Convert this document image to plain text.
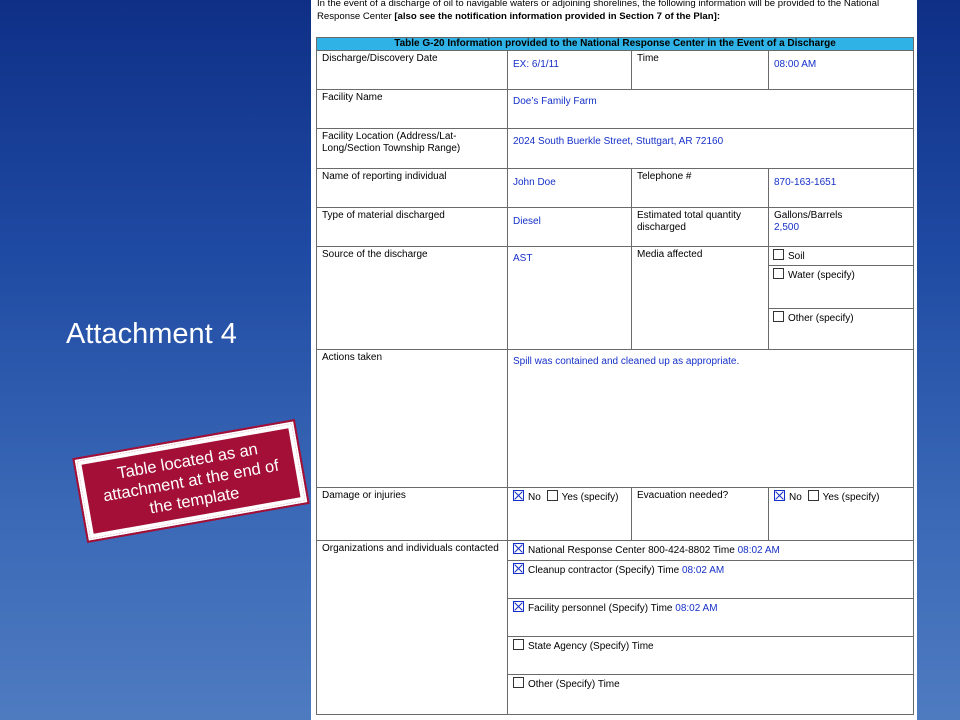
Attachment 4
Table located as an attachment at the end of the template
In the event of a discharge of oil to navigable waters or adjoining shorelines, the following information will be provided to the National Response Center [also see the notification information provided in Section 7 of the Plan]:
Table G-20 Information provided to the National Response Center in the Event of a Discharge			
Discharge/Discovery Date	EX: 6/1/11	Time	08:00 AM
Facility Name	Doe’s Family Farm		
Facility Location (Address/Lat-Long/Section Township Range)	2024 South Buerkle Street, Stuttgart, AR 72160		
Name of reporting individual	John Doe	Telephone #	870-163-1651
Type of material discharged	Diesel	Estimated total quantity discharged	Gallons/Barrels
2,500

Source of the discharge	AST	Media affected	Soil
			Water (specify)
			Other (specify)
Actions taken	Spill was contained and cleaned up as appropriate.		
Damage or injuries	No Yes (specify)	Evacuation needed?	No Yes (specify)
Organizations and individuals contacted	National Response Center 800-424-8802 Time 08:02 AM		
	Cleanup contractor (Specify) Time 08:02 AM		
	Facility personnel (Specify) Time 08:02 AM		
	State Agency (Specify) Time		
	Other (Specify) Time		
